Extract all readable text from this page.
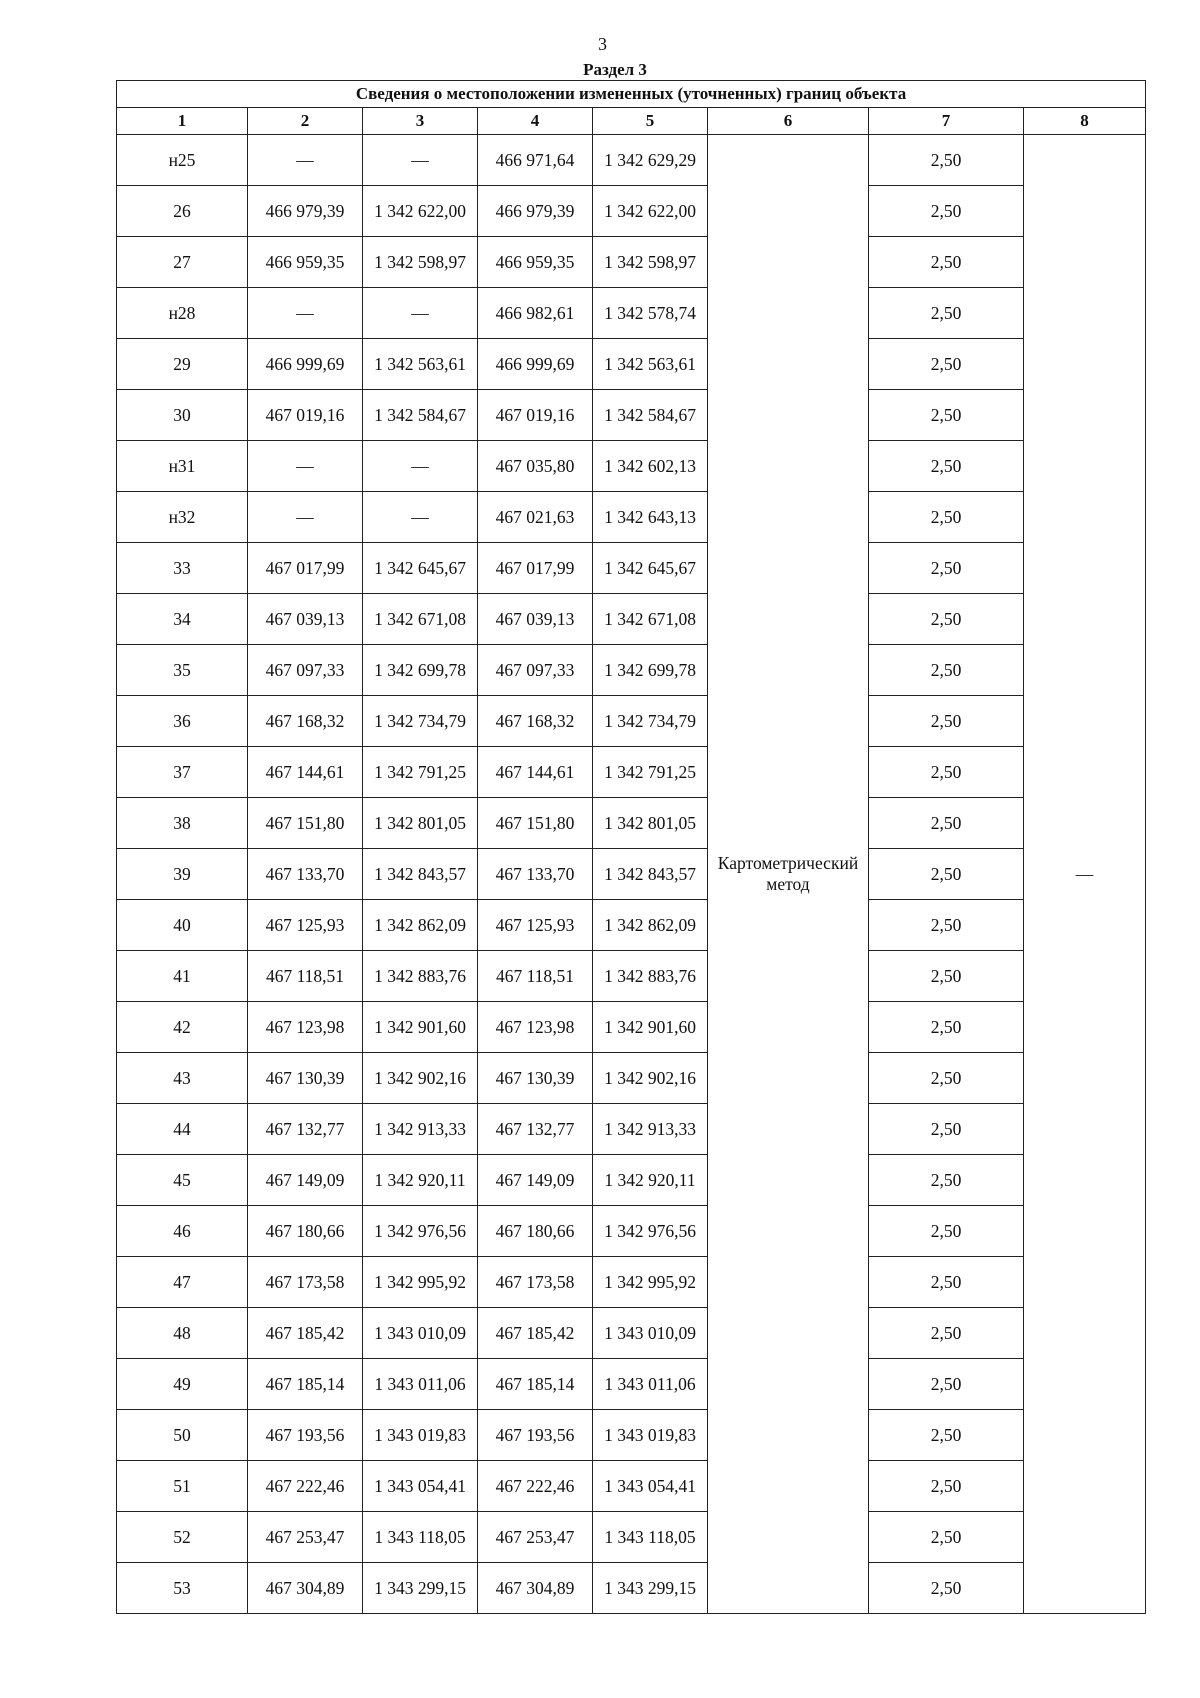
3
Раздел 3
Сведения о местоположении измененных (уточненных) границ объекта							
1	2	3	4	5	6	7	8
н25	—	—	466 971,64	1 342 629,29	Картометрический метод	2,50	—
26	466 979,39	1 342 622,00	466 979,39	1 342 622,00		2,50	
27	466 959,35	1 342 598,97	466 959,35	1 342 598,97		2,50	
н28	—	—	466 982,61	1 342 578,74		2,50	
29	466 999,69	1 342 563,61	466 999,69	1 342 563,61		2,50	
30	467 019,16	1 342 584,67	467 019,16	1 342 584,67		2,50	
н31	—	—	467 035,80	1 342 602,13		2,50	
н32	—	—	467 021,63	1 342 643,13		2,50	
33	467 017,99	1 342 645,67	467 017,99	1 342 645,67		2,50	
34	467 039,13	1 342 671,08	467 039,13	1 342 671,08		2,50	
35	467 097,33	1 342 699,78	467 097,33	1 342 699,78		2,50	
36	467 168,32	1 342 734,79	467 168,32	1 342 734,79		2,50	
37	467 144,61	1 342 791,25	467 144,61	1 342 791,25		2,50	
38	467 151,80	1 342 801,05	467 151,80	1 342 801,05		2,50	
39	467 133,70	1 342 843,57	467 133,70	1 342 843,57		2,50	
40	467 125,93	1 342 862,09	467 125,93	1 342 862,09		2,50	
41	467 118,51	1 342 883,76	467 118,51	1 342 883,76		2,50	
42	467 123,98	1 342 901,60	467 123,98	1 342 901,60		2,50	
43	467 130,39	1 342 902,16	467 130,39	1 342 902,16		2,50	
44	467 132,77	1 342 913,33	467 132,77	1 342 913,33		2,50	
45	467 149,09	1 342 920,11	467 149,09	1 342 920,11		2,50	
46	467 180,66	1 342 976,56	467 180,66	1 342 976,56		2,50	
47	467 173,58	1 342 995,92	467 173,58	1 342 995,92		2,50	
48	467 185,42	1 343 010,09	467 185,42	1 343 010,09		2,50	
49	467 185,14	1 343 011,06	467 185,14	1 343 011,06		2,50	
50	467 193,56	1 343 019,83	467 193,56	1 343 019,83		2,50	
51	467 222,46	1 343 054,41	467 222,46	1 343 054,41		2,50	
52	467 253,47	1 343 118,05	467 253,47	1 343 118,05		2,50	
53	467 304,89	1 343 299,15	467 304,89	1 343 299,15		2,50	
